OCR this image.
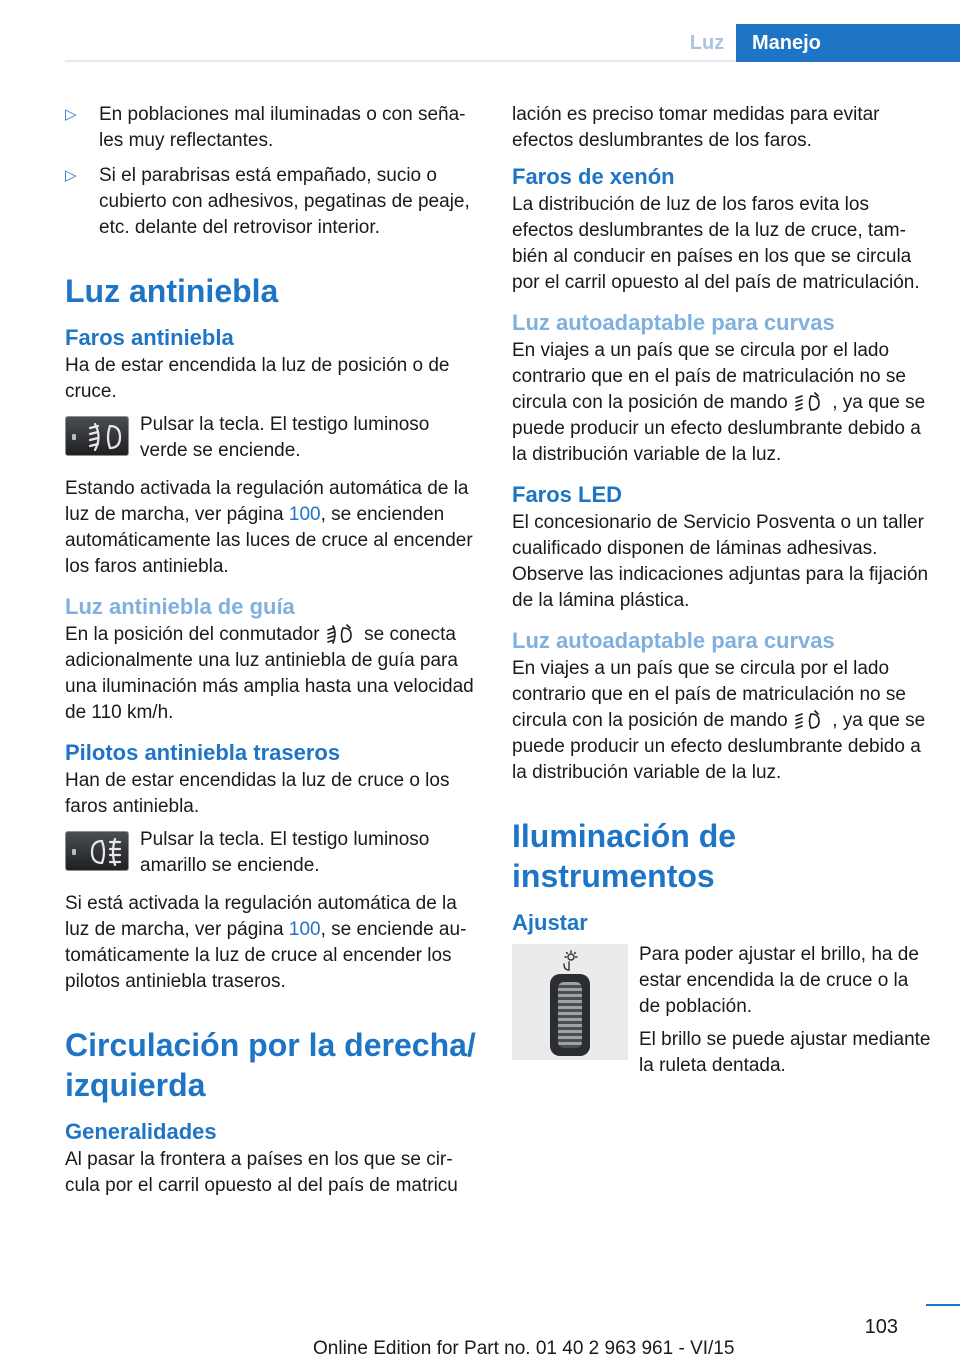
Luz	Manejo
▷ En poblaciones mal iluminadas o con señales muy reflectantes.
▷ Si el parabrisas está empañado, sucio o cubierto con adhesivos, pegatinas de peaje, etc. delante del retrovisor interior.
Luz antiniebla
Faros antiniebla

Ha de estar encendida la luz de posición o de cruce.

Pulsar la tecla. El testigo luminoso verde se enciende.

Estando activada la regulación automática de la luz de marcha, ver página 100, se encienden automáticamente las luces de cruce al encender los faros antiniebla.

Luz antiniebla de guía

En la posición del conmutador  se conecta adicionalmente una luz antiniebla de guía para una iluminación más amplia hasta una velocidad de 110 km/h.

Pilotos antiniebla traseros

Han de estar encendidas la luz de cruce o los faros antiniebla.

Pulsar la tecla. El testigo luminoso amarillo se enciende.

Si está activada la regulación automática de la luz de marcha, ver página 100, se enciende automáticamente la luz de cruce al encender los pilotos antiniebla traseros.

Circulación por la derecha/ izquierda
Generalidades

Al pasar la frontera a países en los que se circula por el carril opuesto al del país de matricu

lación es preciso tomar medidas para evitar efectos deslumbrantes de los faros.

Faros de xenón

La distribución de luz de los faros evita los efectos deslumbrantes de la luz de cruce, también al conducir en países en los que se circula por el carril opuesto al del país de matriculación.

Luz autoadaptable para curvas

En viajes a un país que se circula por el lado contrario que en el país de matriculación no se circula con la posición de mando  , ya que se puede producir un efecto deslumbrante debido a la distribución variable de la luz.

Faros LED

El concesionario de Servicio Posventa o un taller cualificado disponen de láminas adhesivas. Observe las indicaciones adjuntas para la fijación de la lámina plástica.

Luz autoadaptable para curvas

En viajes a un país que se circula por el lado contrario que en el país de matriculación no se circula con la posición de mando  , ya que se puede producir un efecto deslumbrante debido a la distribución variable de la luz.

Iluminación de instrumentos
Ajustar

Para poder ajustar el brillo, ha de estar encendida la de cruce o la de población.

El brillo se puede ajustar mediante la ruleta dentada.

103
Online Edition for Part no. 01 40 2 963 961 - VI/15
